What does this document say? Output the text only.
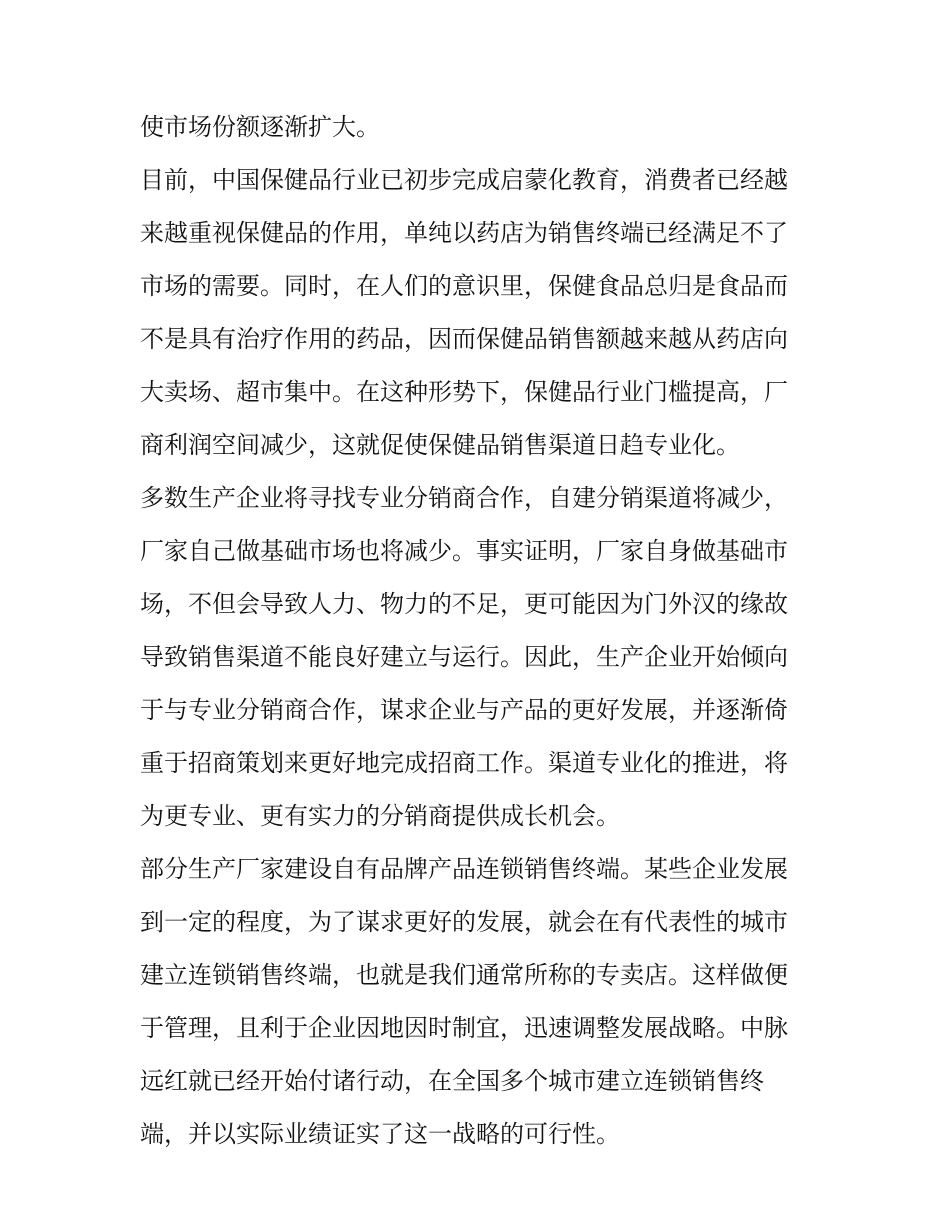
使市场份额逐渐扩大。
目前，中国保健品行业已初步完成启蒙化教育，消费者已经越
来越重视保健品的作用，单纯以药店为销售终端已经满足不了
市场的需要。同时，在人们的意识里，保健食品总归是食品而
不是具有治疗作用的药品，因而保健品销售额越来越从药店向
大卖场、超市集中。在这种形势下，保健品行业门槛提高，厂
商利润空间减少，这就促使保健品销售渠道日趋专业化。
多数生产企业将寻找专业分销商合作，自建分销渠道将减少，
厂家自己做基础市场也将减少。事实证明，厂家自身做基础市
场，不但会导致人力、物力的不足，更可能因为门外汉的缘故
导致销售渠道不能良好建立与运行。因此，生产企业开始倾向
于与专业分销商合作，谋求企业与产品的更好发展，并逐渐倚
重于招商策划来更好地完成招商工作。渠道专业化的推进，将
为更专业、更有实力的分销商提供成长机会。
部分生产厂家建设自有品牌产品连锁销售终端。某些企业发展
到一定的程度，为了谋求更好的发展，就会在有代表性的城市
建立连锁销售终端，也就是我们通常所称的专卖店。这样做便
于管理，且利于企业因地因时制宜，迅速调整发展战略。中脉
远红就已经开始付诸行动，在全国多个城市建立连锁销售终
端，并以实际业绩证实了这一战略的可行性。
